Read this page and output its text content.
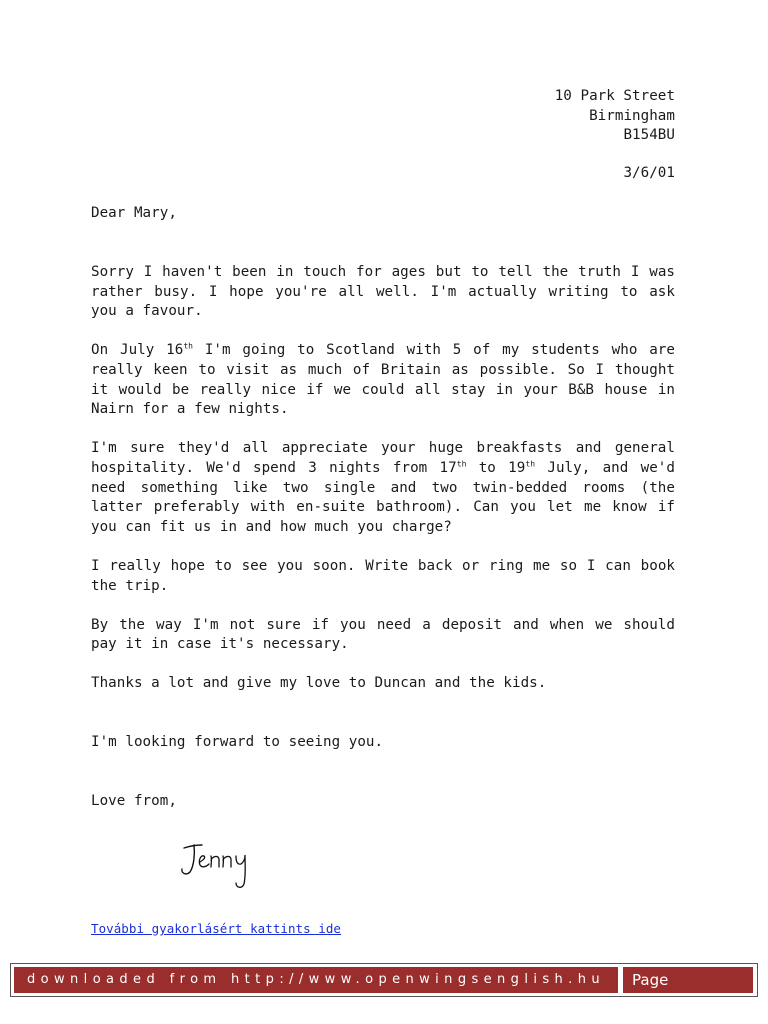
10 Park Street
Birmingham
B154BU
3/6/01
Dear Mary,

Sorry I haven't been in touch for ages but to tell the truth I was rather busy. I hope you're all well. I'm actually writing to ask you a favour.

On July 16th I'm going to Scotland with 5 of my students who are really keen to visit as much of Britain as possible. So I thought it would be really nice if we could all stay in your B&B house in Nairn for a few nights.

I'm sure they'd all appreciate your huge breakfasts and general hospitality. We'd spend 3 nights from 17th to 19th July, and we'd need something like two single and two twin-bedded rooms (the latter preferably with en-suite bathroom). Can you let me know if you can fit us in and how much you charge?

I really hope to see you soon. Write back or ring me so I can book the trip.

By the way I'm not sure if you need a deposit and when we should pay it in case it's necessary.

Thanks a lot and give my love to Duncan and the kids.

I'm looking forward to seeing you.

Love from,

További gyakorlásért kattints ide
downloaded from http://www.openwingsenglish.hu	Page
